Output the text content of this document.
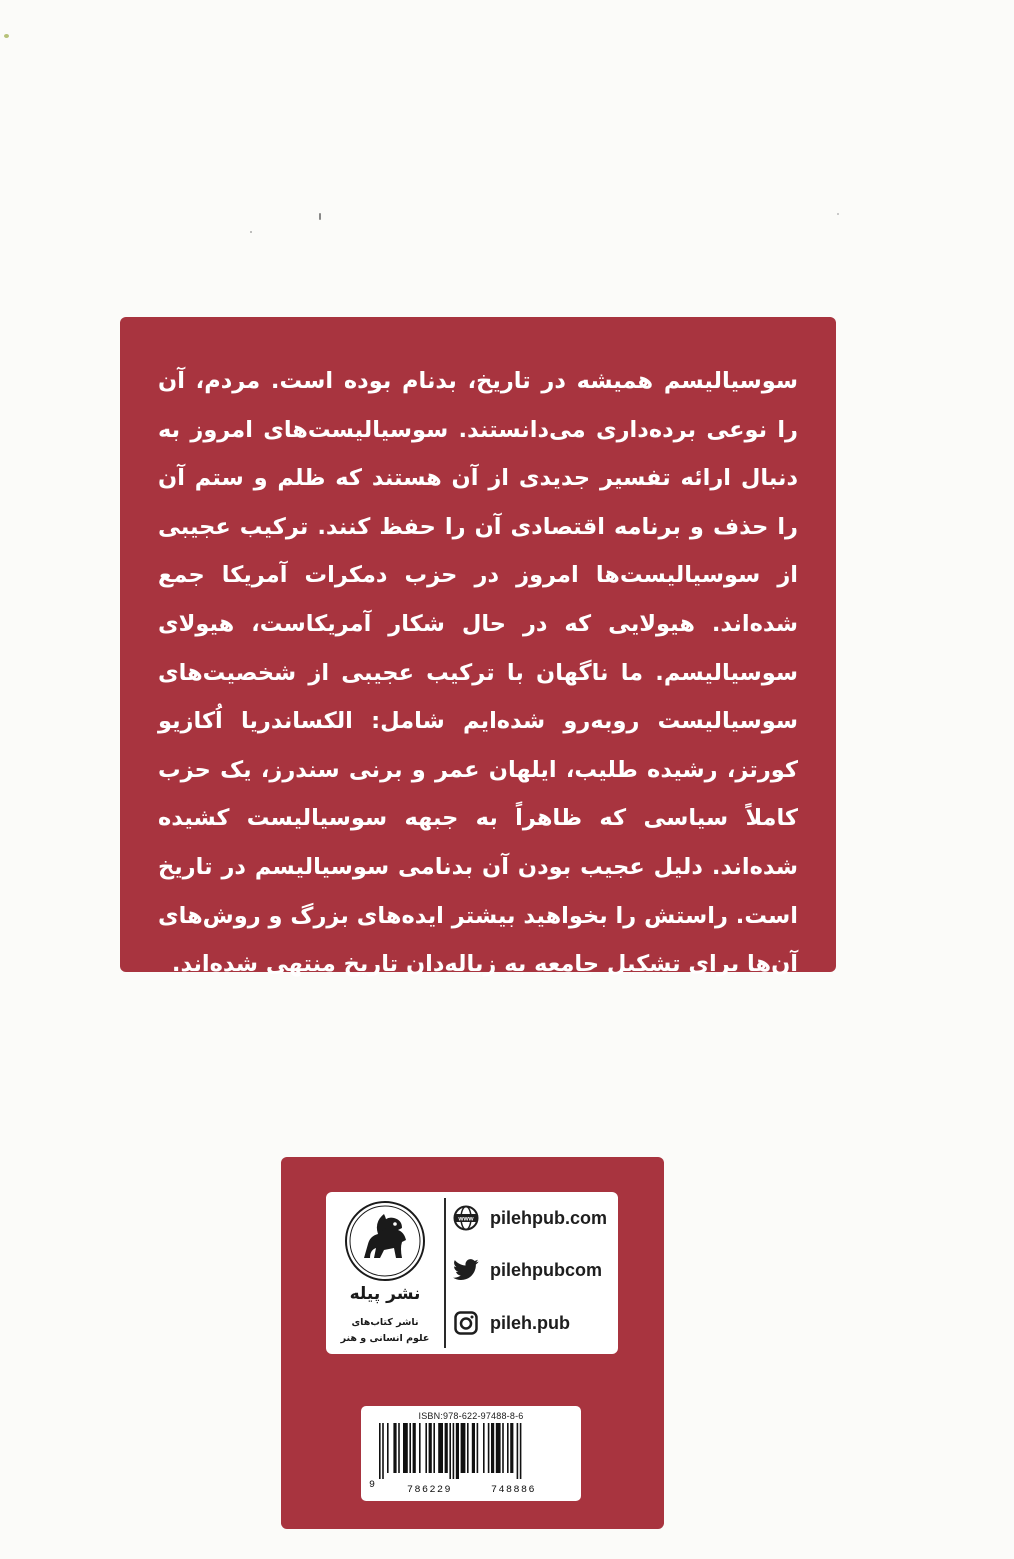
سوسیالیسم همیشه در تاریخ، بدنام بوده است. مردم، آن را نوعی برده‌داری می‌دانستند. سوسیالیست‌های امروز به دنبال ارائه تفسیر جدیدی از آن هستند که ظلم و ستم آن را حذف و برنامه اقتصادی آن را حفظ کنند. ترکیب عجیبی از سوسیالیست‌ها امروز در حزب دمکرات آمریکا جمع شده‌اند. هیولایی که در حال شکار آمریکاست، هیولای سوسیالیسم. ما ناگهان با ترکیب عجیبی از شخصیت‌های سوسیالیست روبه‌رو شده‌ایم شامل: الکساندریا اُکازیو کورتز، رشیده طلیب، ایلهان عمر و برنی سندرز، یک حزب کاملاً سیاسی که ظاهراً به جبهه سوسیالیست کشیده شده‌اند. دلیل عجیب بودن آن بدنامی سوسیالیسم در تاریخ است. راستش را بخواهید بیشتر ایده‌های بزرگ و روش‌های آن‌ها برای تشکیل جامعه به زباله‌دان تاریخ منتهی شده‌اند.

نشر پیله
ناشر کتاب‌های
علوم انسانی و هنر
www pilehpub.com
pilehpubcom
pileh.pub
ISBN:978-622-97488-8-6
9	786229	748886
